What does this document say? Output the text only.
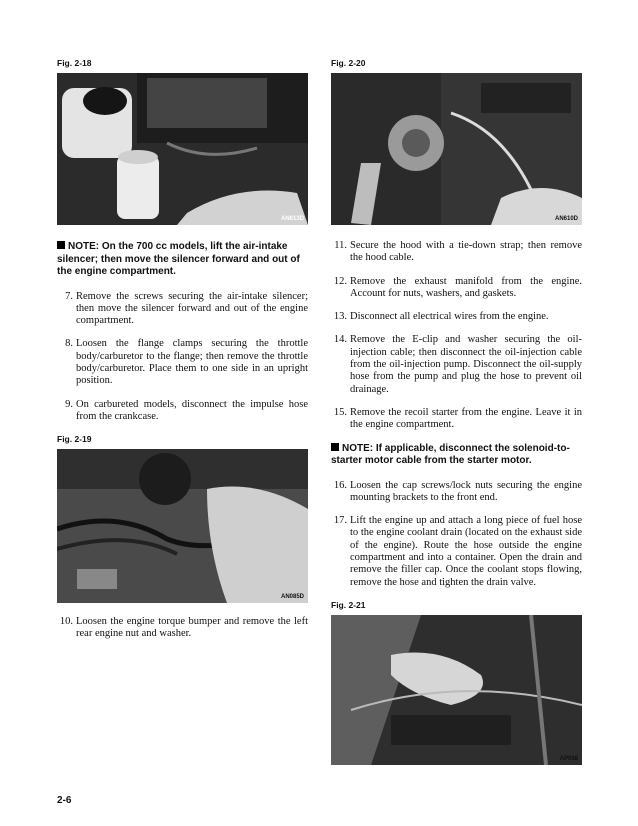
Fig. 2-18
AN613D
NOTE: On the 700 cc models, lift the air-intake silencer; then move the silencer forward and out of the engine compartment.
7. Remove the screws securing the air-intake silencer; then move the silencer forward and out of the engine compartment.
8. Loosen the flange clamps securing the throttle body/carburetor to the flange; then remove the throttle body/carburetor. Place them to one side in an upright position.
9. On carbureted models, disconnect the impulse hose from the crankcase.
Fig. 2-19
AN085D
10. Loosen the engine torque bumper and remove the left rear engine nut and washer.
Fig. 2-20
AN610D
11. Secure the hood with a tie-down strap; then remove the hood cable.
12. Remove the exhaust manifold from the engine. Account for nuts, washers, and gaskets.
13. Disconnect all electrical wires from the engine.
14. Remove the E-clip and washer securing the oil-injection cable; then disconnect the oil-injection cable from the oil-injection pump. Disconnect the oil-supply hose from the pump and plug the hose to prevent oil drainage.
15. Remove the recoil starter from the engine. Leave it in the engine compartment.
NOTE: If applicable, disconnect the solenoid-to-starter motor cable from the starter motor.
16. Loosen the cap screws/lock nuts securing the engine mounting brackets to the front end.
17. Lift the engine up and attach a long piece of fuel hose to the engine coolant drain (located on the exhaust side of the engine). Route the hose outside the engine compartment and into a container. Open the drain and remove the filler cap. Once the coolant stops flowing, remove the hose and tighten the drain valve.
Fig. 2-21
AP058
2-6
